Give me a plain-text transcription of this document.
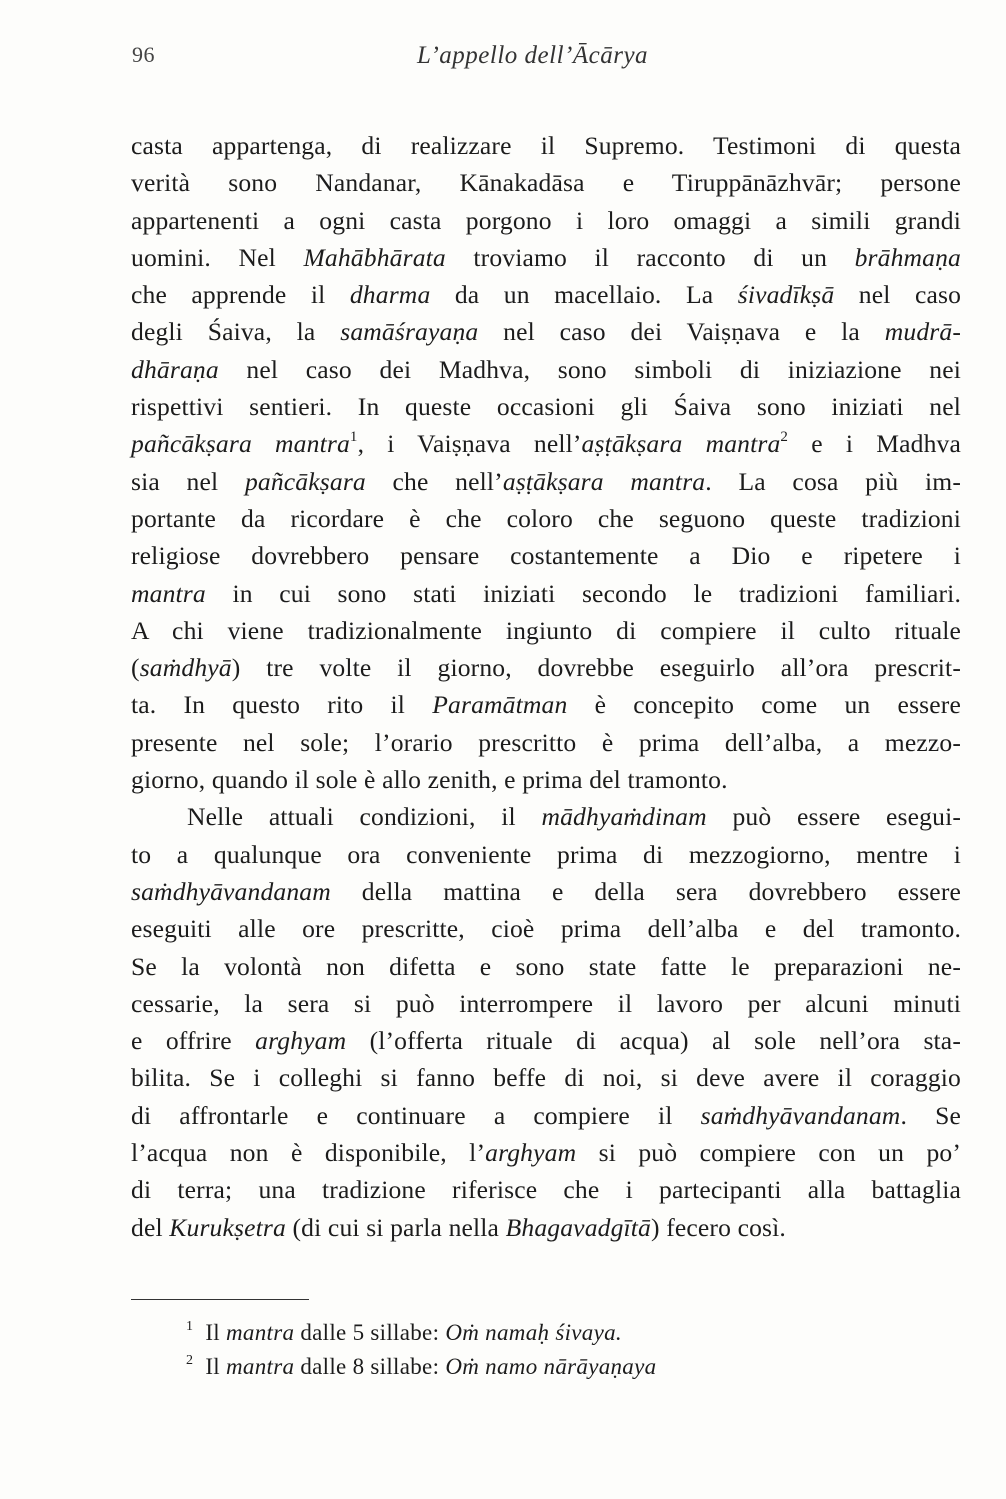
96	L’appello dell’Ācārya
casta appartenga, di realizzare il Supremo. Testimoni di questa
verità sono Nandanar, Kānakadāsa e Tiruppānāzhvār; persone
appartenenti a ogni casta porgono i loro omaggi a simili grandi
uomini. Nel Mahābhārata troviamo il racconto di un brāhmaṇa
che apprende il dharma da un macellaio. La śivadīkṣā nel caso
degli Śaiva, la samāśrayaṇa nel caso dei Vaiṣṇava e la mudrā-
dhāraṇa nel caso dei Madhva, sono simboli di iniziazione nei
rispettivi sentieri. In queste occasioni gli Śaiva sono iniziati nel
pañcākṣara mantra$^1$, i Vaiṣṇava nell’aṣṭākṣara mantra$^2$ e i Madhva
sia nel pañcākṣara che nell’aṣṭākṣara mantra. La cosa più im-
portante da ricordare è che coloro che seguono queste tradizioni
religiose dovrebbero pensare costantemente a Dio e ripetere i
mantra in cui sono stati iniziati secondo le tradizioni familiari.
A chi viene tradizionalmente ingiunto di compiere il culto rituale
(saṁdhyā) tre volte il giorno, dovrebbe eseguirlo all’ora prescrit-
ta. In questo rito il Paramātman è concepito come un essere
presente nel sole; l’orario prescritto è prima dell’alba, a mezzo-
giorno, quando il sole è allo zenith, e prima del tramonto.
Nelle attuali condizioni, il mādhyaṁdinam può essere esegui-
to a qualunque ora conveniente prima di mezzogiorno, mentre i
saṁdhyāvandanam della mattina e della sera dovrebbero essere
eseguiti alle ore prescritte, cioè prima dell’alba e del tramonto.
Se la volontà non difetta e sono state fatte le preparazioni ne-
cessarie, la sera si può interrompere il lavoro per alcuni minuti
e offrire arghyam (l’offerta rituale di acqua) al sole nell’ora sta-
bilita. Se i colleghi si fanno beffe di noi, si deve avere il coraggio
di affrontarle e continuare a compiere il saṁdhyāvandanam. Se
l’acqua non è disponibile, l’arghyam si può compiere con un po’
di terra; una tradizione riferisce che i partecipanti alla battaglia
del Kurukṣetra (di cui si parla nella Bhagavadgītā) fecero così.
$^1$ Il mantra dalle 5 sillabe: Oṁ namaḥ śivaya.
$^2$ Il mantra dalle 8 sillabe: Oṁ namo nārāyaṇaya
